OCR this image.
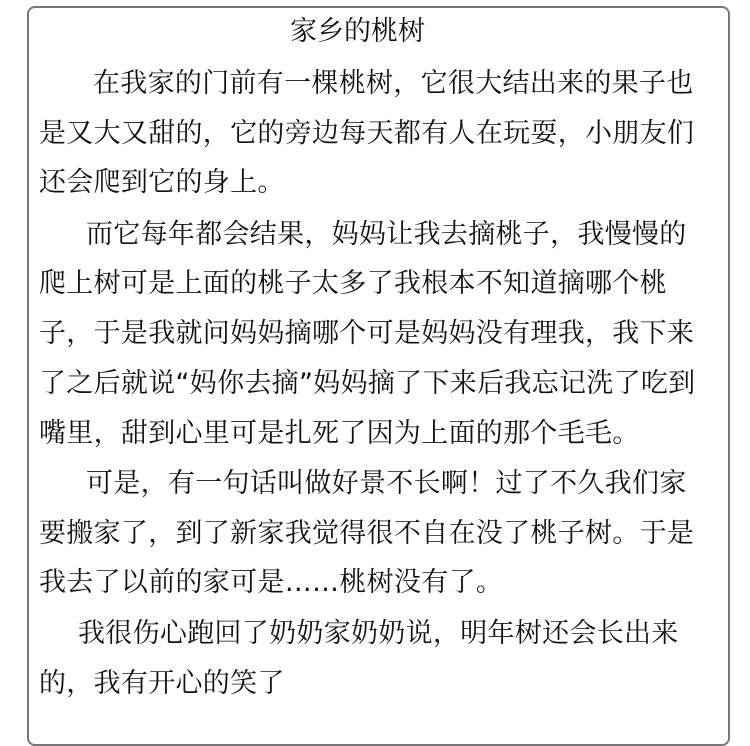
家乡的桃树
在我家的门前有一棵桃树，它很大结出来的果子也
是又大又甜的，它的旁边每天都有人在玩耍，小朋友们
还会爬到它的身上。
而它每年都会结果，妈妈让我去摘桃子，我慢慢的
爬上树可是上面的桃子太多了我根本不知道摘哪个桃
子，于是我就问妈妈摘哪个可是妈妈没有理我，我下来
了之后就说“妈你去摘”妈妈摘了下来后我忘记洗了吃到
嘴里，甜到心里可是扎死了因为上面的那个毛毛。
可是，有一句话叫做好景不长啊！过了不久我们家
要搬家了，到了新家我觉得很不自在没了桃子树。于是
我去了以前的家可是……桃树没有了。
我很伤心跑回了奶奶家奶奶说，明年树还会长出来
的，我有开心的笑了
